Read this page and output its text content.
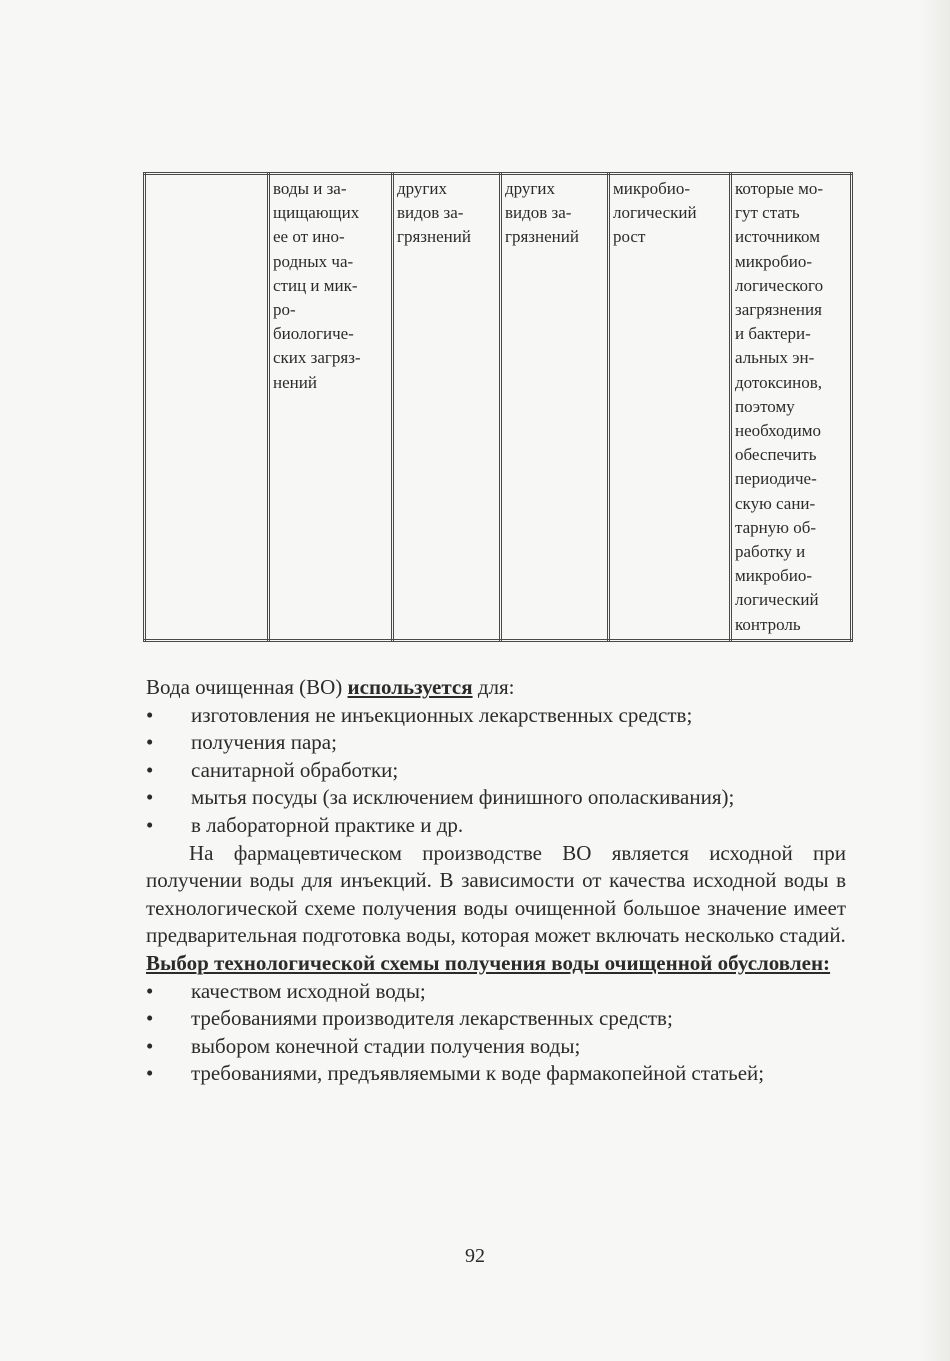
	воды и за-
щищающих
ее от ино-
родных ча-
стиц и мик-
ро-
биологиче-
ских загряз-
нений	других
видов за-
грязнений	других
видов за-
грязнений	микробио-
логический
рост	которые мо-
гут стать
источником
микробио-
логического
загрязнения
и бактери-
альных эн-
дотоксинов,
поэтому
необходимо
обеспечить
периодиче-
скую сани-
тарную об-
работку и
микробио-
логический
контроль

Вода очищенная (ВО) используется для:

• изготовления не инъекционных лекарственных средств;
• получения пара;
• санитарной обработки;
• мытья посуды (за исключением финишного ополаскивания);
• в лабораторной практике и др.

На фармацевтическом производстве ВО является исходной при получении воды для инъекций. В зависимости от качества исходной воды в технологической схеме получения воды очищенной большое значение имеет предварительная подготовка воды, которая может включать несколько стадий.

Выбор технологической схемы получения воды очищенной обусловлен:

• качеством исходной воды;
• требованиями производителя лекарственных средств;
• выбором конечной стадии получения воды;
• требованиями, предъявляемыми к воде фармакопейной статьей;
92
